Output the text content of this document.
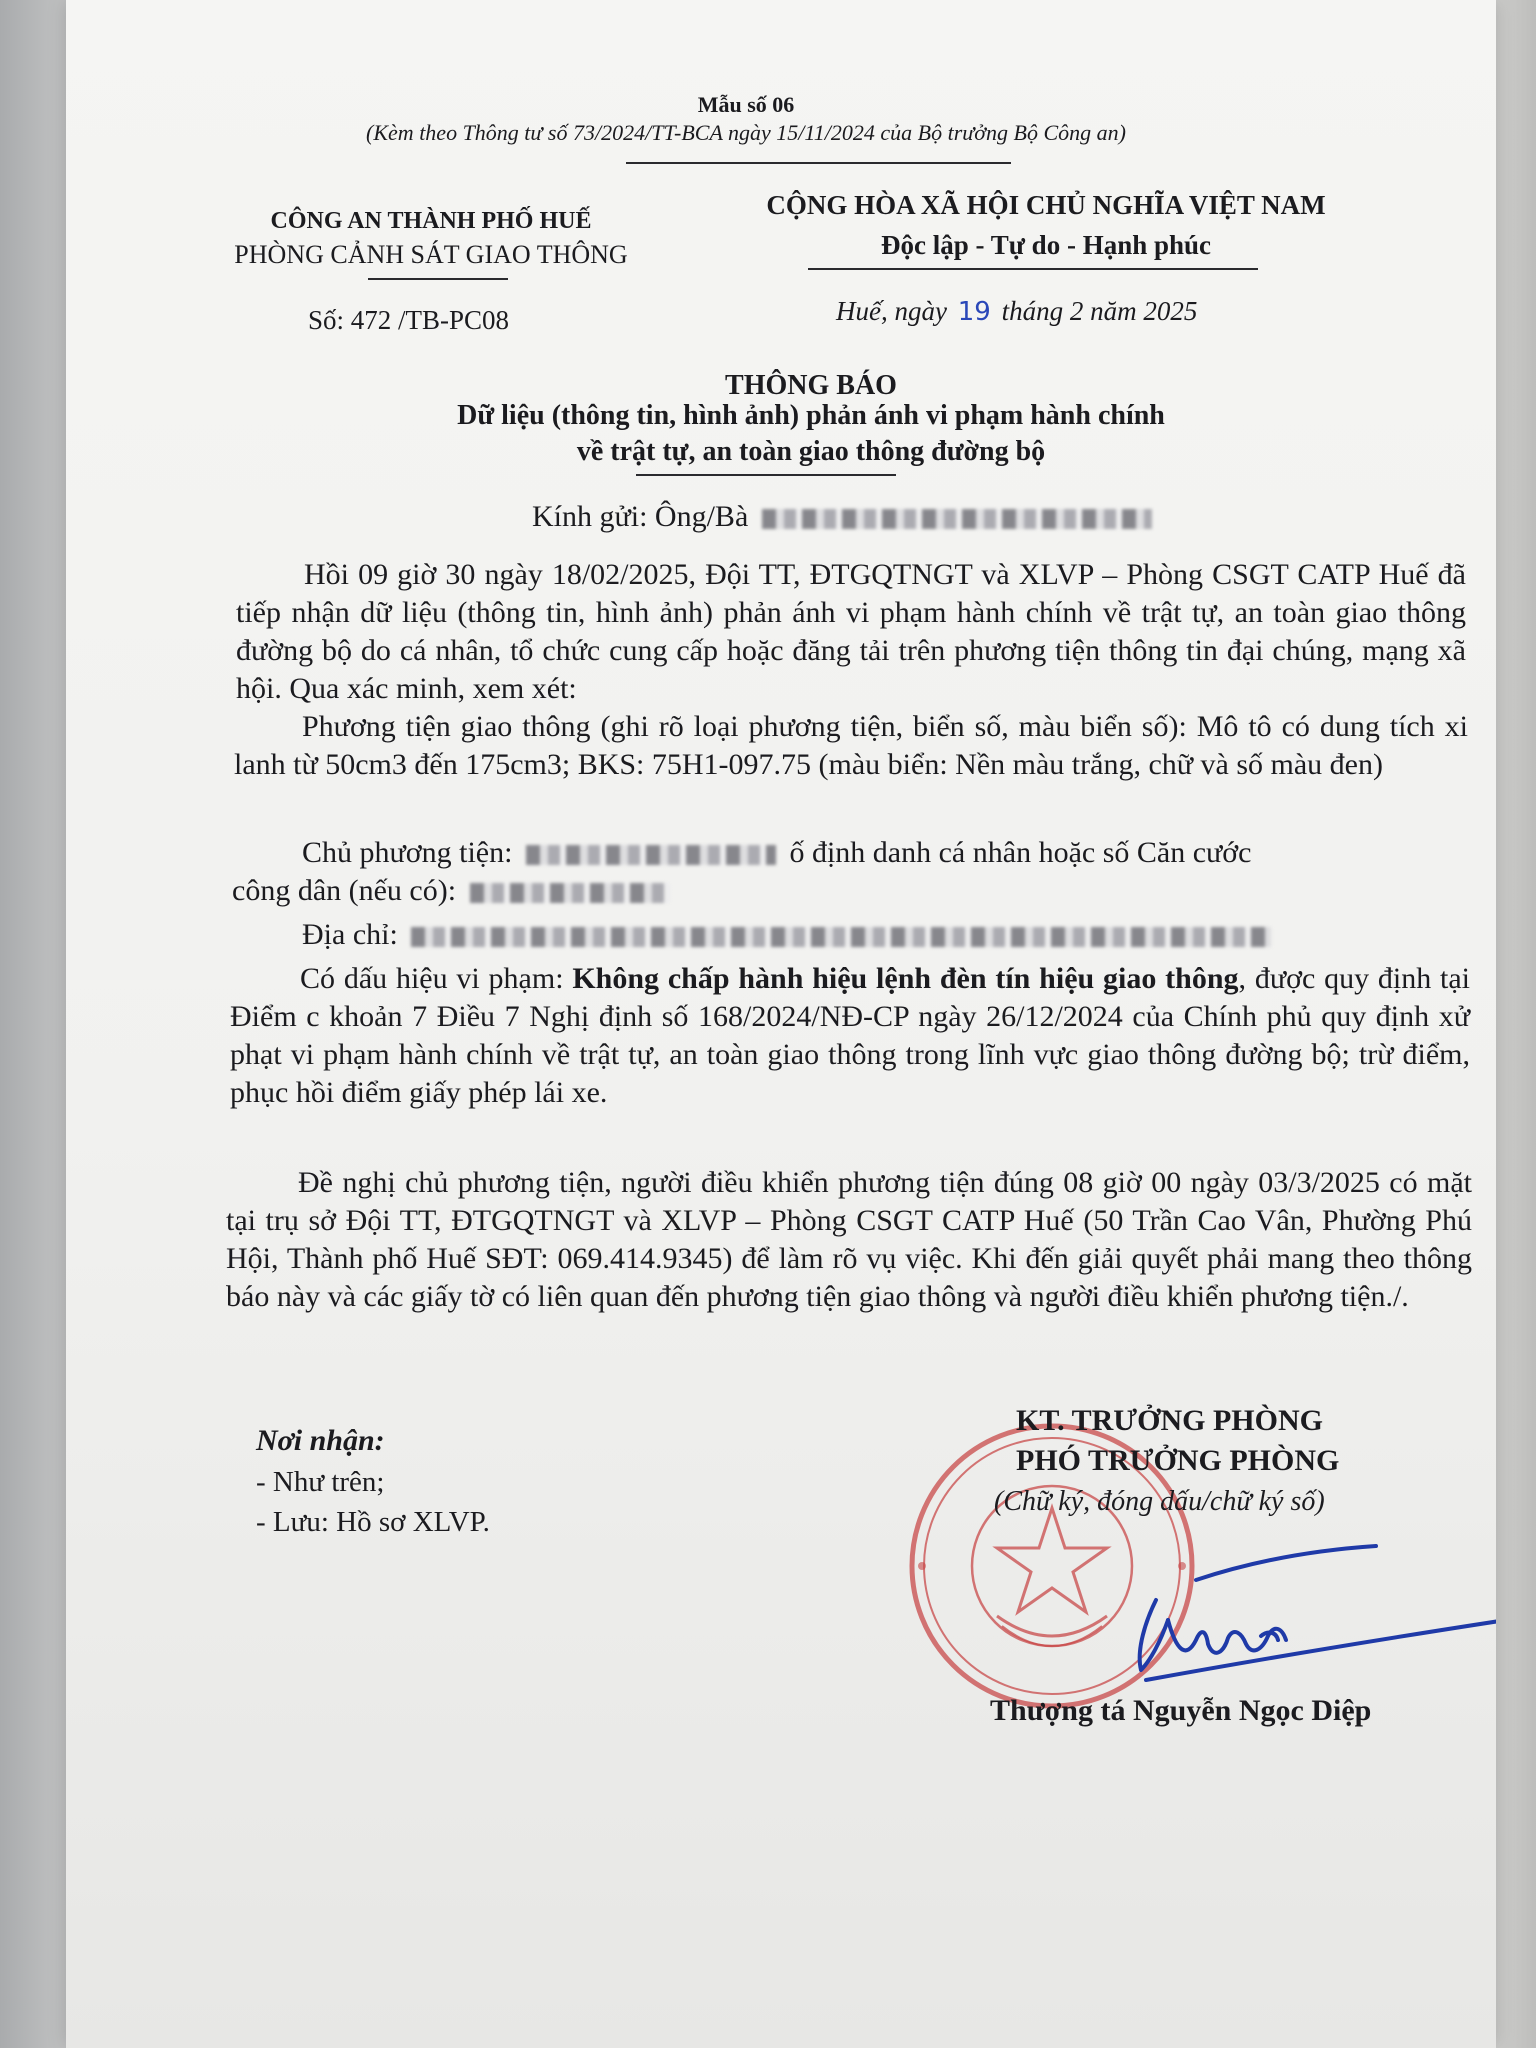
Mẫu số 06
(Kèm theo Thông tư số 73/2024/TT-BCA ngày 15/11/2024 của Bộ trưởng Bộ Công an)
CÔNG AN THÀNH PHỐ HUẾ
PHÒNG CẢNH SÁT GIAO THÔNG
CỘNG HÒA XÃ HỘI CHỦ NGHĨA VIỆT NAM
Độc lập - Tự do - Hạnh phúc
Số: 472 /TB-PC08	Huế, ngày 19 tháng 2 năm 2025
THÔNG BÁO
Dữ liệu (thông tin, hình ảnh) phản ánh vi phạm hành chính
về trật tự, an toàn giao thông đường bộ
Kính gửi: Ông/Bà
Hồi 09 giờ 30 ngày 18/02/2025, Đội TT, ĐTGQTNGT và XLVP – Phòng CSGT CATP Huế đã tiếp nhận dữ liệu (thông tin, hình ảnh) phản ánh vi phạm hành chính về trật tự, an toàn giao thông đường bộ do cá nhân, tổ chức cung cấp hoặc đăng tải trên phương tiện thông tin đại chúng, mạng xã hội. Qua xác minh, xem xét:
Phương tiện giao thông (ghi rõ loại phương tiện, biển số, màu biển số): Mô tô có dung tích xi lanh từ 50cm3 đến 175cm3; BKS: 75H1-097.75 (màu biển: Nền màu trắng, chữ và số màu đen)
Chủ phương tiện:	ố định danh cá nhân hoặc số Căn cước
công dân (nếu có):
Địa chỉ:
Có dấu hiệu vi phạm: Không chấp hành hiệu lệnh đèn tín hiệu giao thông, được quy định tại Điểm c khoản 7 Điều 7 Nghị định số 168/2024/NĐ-CP ngày 26/12/2024 của Chính phủ quy định xử phạt vi phạm hành chính về trật tự, an toàn giao thông trong lĩnh vực giao thông đường bộ; trừ điểm, phục hồi điểm giấy phép lái xe.
Đề nghị chủ phương tiện, người điều khiển phương tiện đúng 08 giờ 00 ngày 03/3/2025 có mặt tại trụ sở Đội TT, ĐTGQTNGT và XLVP – Phòng CSGT CATP Huế (50 Trần Cao Vân, Phường Phú Hội, Thành phố Huế SĐT: 069.414.9345) để làm rõ vụ việc. Khi đến giải quyết phải mang theo thông báo này và các giấy tờ có liên quan đến phương tiện giao thông và người điều khiển phương tiện./.
Nơi nhận:
- Như trên;
- Lưu: Hồ sơ XLVP.
KT. TRƯỞNG PHÒNG
PHÓ TRƯỞNG PHÒNG
(Chữ ký, đóng dấu/chữ ký số)
Thượng tá Nguyễn Ngọc Diệp
